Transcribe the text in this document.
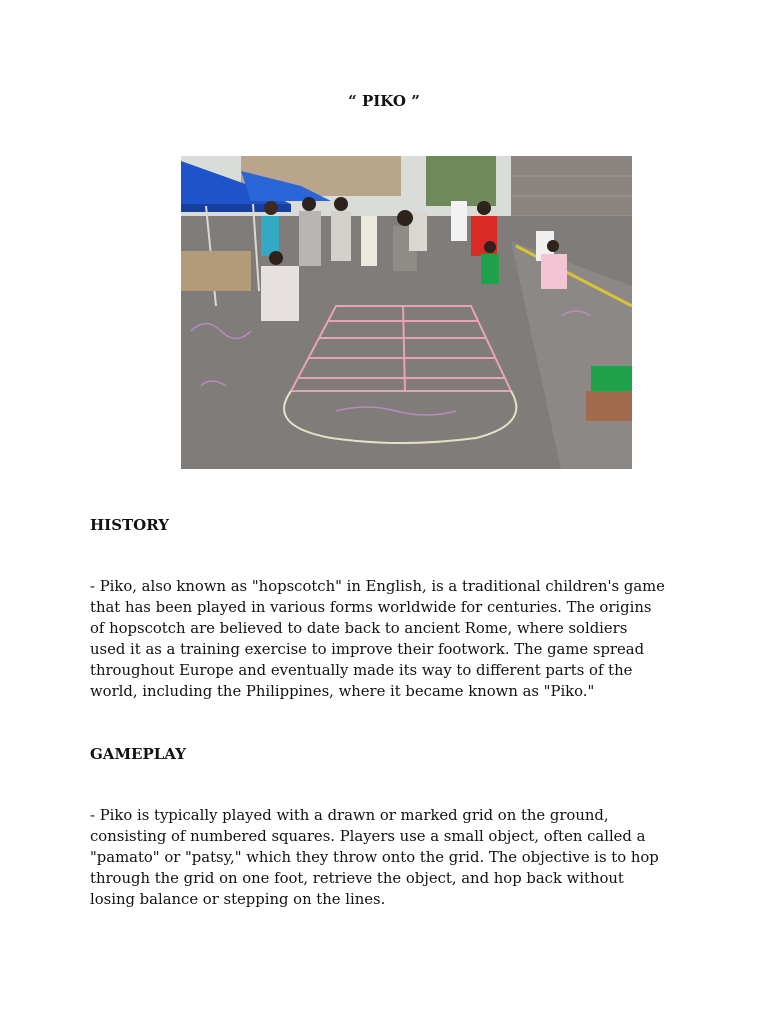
“ PIKO ”
HISTORY
- Piko, also known as "hopscotch" in English, is a traditional children's game
that has been played in various forms worldwide for centuries. The origins
of hopscotch are believed to date back to ancient Rome, where soldiers
used it as a training exercise to improve their footwork. The game spread
throughout Europe and eventually made its way to different parts of the
world, including the Philippines, where it became known as "Piko."
GAMEPLAY
- Piko is typically played with a drawn or marked grid on the ground,
consisting of numbered squares. Players use a small object, often called a
"pamato" or "patsy," which they throw onto the grid. The objective is to hop
through the grid on one foot, retrieve the object, and hop back without
losing balance or stepping on the lines.
